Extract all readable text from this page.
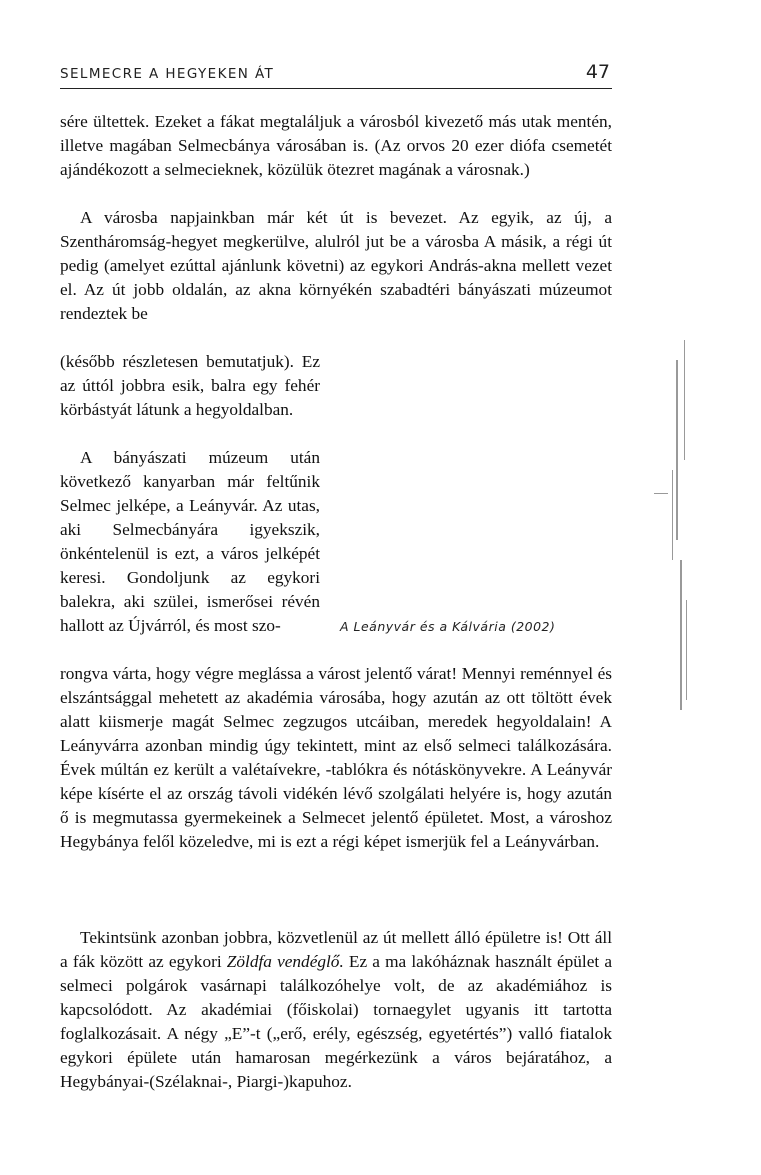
SELMECRE A HEGYEKEN ÁT	47

sére ültettek. Ezeket a fákat megtaláljuk a városból kivezető más utak mentén, illetve magában Selmecbánya városában is. (Az orvos 20 ezer diófa csemetét ajándékozott a selmecieknek, közülük ötezret magának a városnak.)

A városba napjainkban már két út is bevezet. Az egyik, az új, a Szentháromság-hegyet megkerülve, alulról jut be a városba A másik, a régi út pedig (amelyet ezúttal ajánlunk követni) az egykori András-akna mellett vezet el. Az út jobb oldalán, az akna környékén szabadtéri bányászati múzeumot rendeztek be

(később részletesen bemutatjuk). Ez az úttól jobbra esik, balra egy fehér körbástyát látunk a hegyoldalban.

A bányászati múzeum után következő kanyarban már feltűnik Selmec jelképe, a Leányvár. Az utas, aki Selmecbányára igyekszik, önkéntelenül is ezt, a város jelképét keresi. Gondoljunk az egykori balekra, aki szülei, ismerősei révén hallott az Újvárról, és most szo-	A Leányvár és a Kálvária (2002)

rongva várta, hogy végre meglássa a várost jelentő várat! Mennyi reménnyel és elszántsággal mehetett az akadémia városába, hogy azután az ott töltött évek alatt kiismerje magát Selmec zegzugos utcáiban, meredek hegyoldalain! A Leányvárra azonban mindig úgy tekintett, mint az első selmeci találkozására. Évek múltán ez került a valétaívekre, -tablókra és nótáskönyvekre. A Leányvár képe kísérte el az ország távoli vidékén lévő szolgálati helyére is, hogy azután ő is megmutassa gyermekeinek a Selmecet jelentő épületet. Most, a városhoz Hegybánya felől közeledve, mi is ezt a régi képet ismerjük fel a Leányvárban.

Tekintsünk azonban jobbra, közvetlenül az út mellett álló épületre is! Ott áll a fák között az egykori Zöldfa vendéglő. Ez a ma lakóháznak használt épület a selmeci polgárok vasárnapi találkozóhelye volt, de az akadémiához is kapcsolódott. Az akadémiai (főiskolai) tornaegylet ugyanis itt tartotta foglalkozásait. A négy „E”-t („erő, erély, egészség, egyetértés”) valló fiatalok egykori épülete után hamarosan megérkezünk a város bejáratához, a Hegybányai-(Szélaknai-, Piargi-)kapuhoz.
